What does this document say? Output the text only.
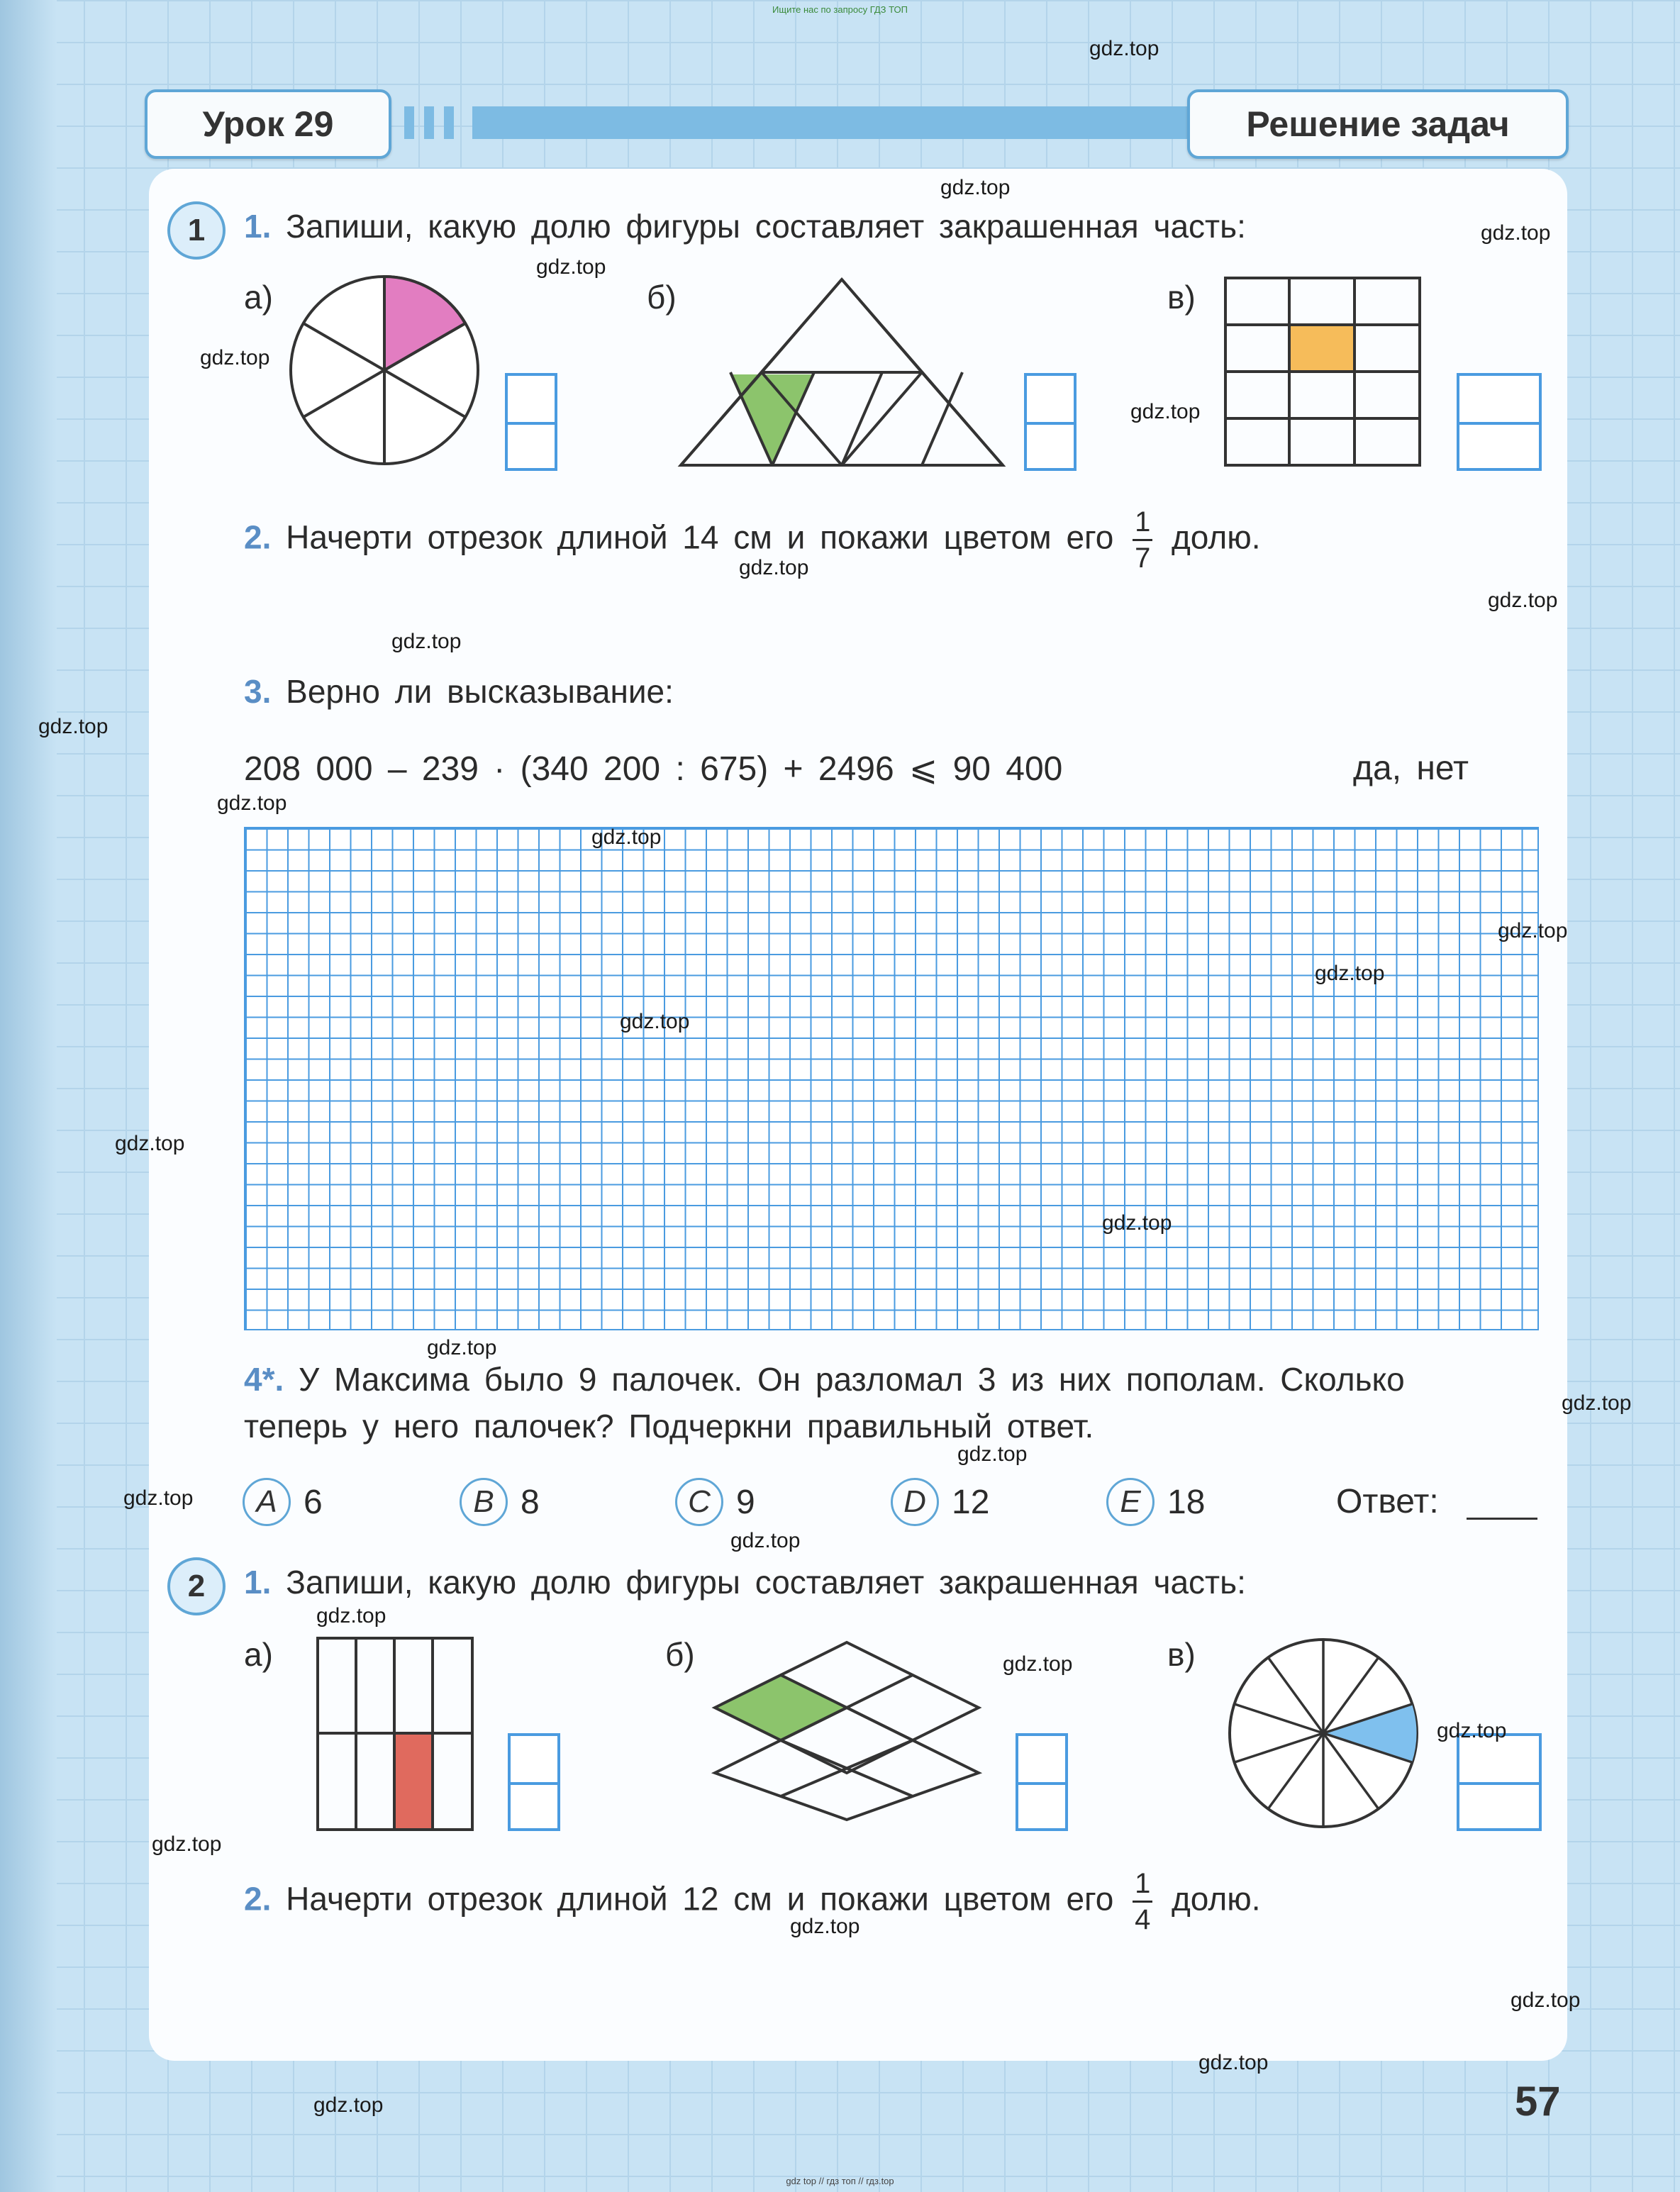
Ищите нас по запросу ГДЗ ТОП
Урок 29	Решение задач
1	1. Запиши, какую долю фигуры составляет закрашенная часть:
а)	б)	в)
2. Начерти отрезок длиной 14 см и покажи цветом его $\frac{1}{7}$ долю.
3. Верно ли высказывание:
208 000 – 239 · (340 200 : 675) + 2496 ⩽ 90 400	да, нет
4*. У Максима было 9 палочек. Он разломал 3 из них пополам. Сколько
теперь у него палочек? Подчеркни правильный ответ.
A 6	B 8	C 9	D 12	E 18	Ответ:
2	1. Запиши, какую долю фигуры составляет закрашенная часть:
а)	б)	в)
2. Начерти отрезок длиной 12 см и покажи цветом его $\frac{1}{4}$ долю.
57
gdz top // гдз топ // гдз.top
gdz.top
gdz.top
gdz.top
gdz.top
gdz.top
gdz.top
gdz.top
gdz.top
gdz.top
gdz.top
gdz.top
gdz.top
gdz.top
gdz.top
gdz.top
gdz.top
gdz.top
gdz.top
gdz.top
gdz.top
gdz.top
gdz.top
gdz.top
gdz.top
gdz.top
gdz.top
gdz.top
gdz.top
gdz.top
gdz.top
